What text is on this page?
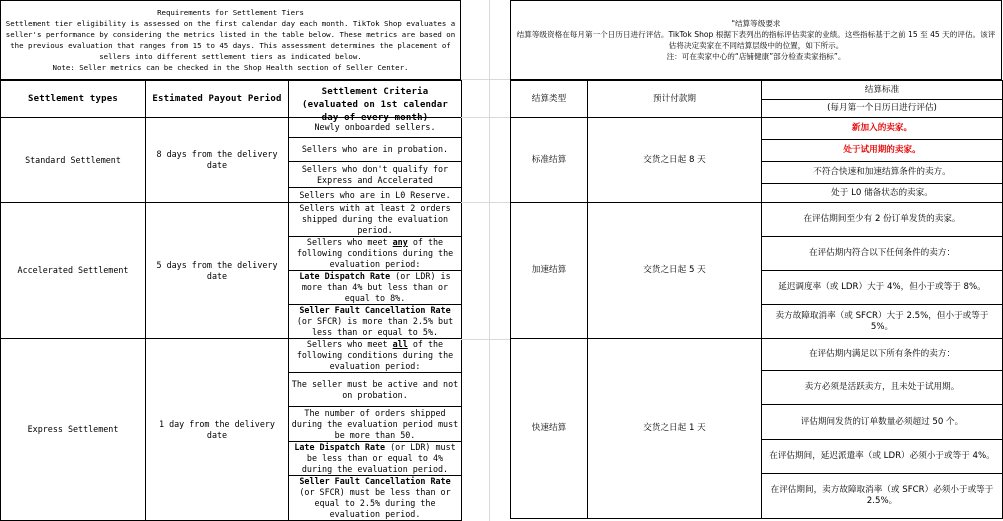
Requirements for Settlement Tiers
Settlement tier eligibility is assessed on the first calendar day each month. TikTok Shop evaluates a seller's performance by considering the metrics listed in the table below. These metrics are based on the previous evaluation that ranges from 15 to 45 days. This assessment determines the placement of sellers into different settlement tiers as indicated below.
Note: Seller metrics can be checked in the Shop Health section of Seller Center.
Settlement types	Estimated Payout Period	Settlement Criteria
(evaluated on 1st calendar day of every month)

Standard Settlement	8 days from the delivery date	Newly onboarded sellers.
		Sellers who are in probation.
		Sellers who don't qualify for Express and Accelerated
		Sellers who are in L0 Reserve.
Accelerated Settlement	5 days from the delivery date	Sellers with at least 2 orders shipped during the evaluation period.
		Sellers who meet any of the following conditions during the evaluation period:
		Late Dispatch Rate (or LDR) is more than 4% but less than or equal to 8%.
		Seller Fault Cancellation Rate (or SFCR) is more than 2.5% but less than or equal to 5%.
Express Settlement	1 day from the delivery date	Sellers who meet all of the following conditions during the evaluation period:
		The seller must be active and not on probation.
		The number of orders shipped during the evaluation period must be more than 50.
		Late Dispatch Rate (or LDR) must be less than or equal to 4% during the evaluation period.
		Seller Fault Cancellation Rate (or SFCR) must be less than or equal to 2.5% during the evaluation period.
"结算等级要求
结算等级资格在每月第一个日历日进行评估。TikTok Shop 根据下表列出的指标评估卖家的业绩。这些指标基于之前 15 至 45 天的评估。该评估将决定卖家在不同结算层级中的位置，如下所示。
注：可在卖家中心的“店铺健康”部分检查卖家指标”。
结算类型	预计付款期	结算标准
		(每月第一个日历日进行评估)
标准结算	交货之日起 8 天	新加入的卖家。
		处于试用期的卖家。
		不符合快速和加速结算条件的卖方。
		处于 L0 储备状态的卖家。
加速结算	交货之日起 5 天	在评估期间至少有 2 份订单发货的卖家。
		在评估期内符合以下任何条件的卖方：
		延迟调度率（或 LDR）大于 4%，但小于或等于 8%。
		卖方故障取消率（或 SFCR）大于 2.5%，但小于或等于 5%。
快速结算	交货之日起 1 天	在评估期内满足以下所有条件的卖方：
		卖方必须是活跃卖方，且未处于试用期。
		评估期间发货的订单数量必须超过 50 个。
		在评估期间，延迟派遣率（或 LDR）必须小于或等于 4%。
		在评估期间，卖方故障取消率（或 SFCR）必须小于或等于 2.5%。
